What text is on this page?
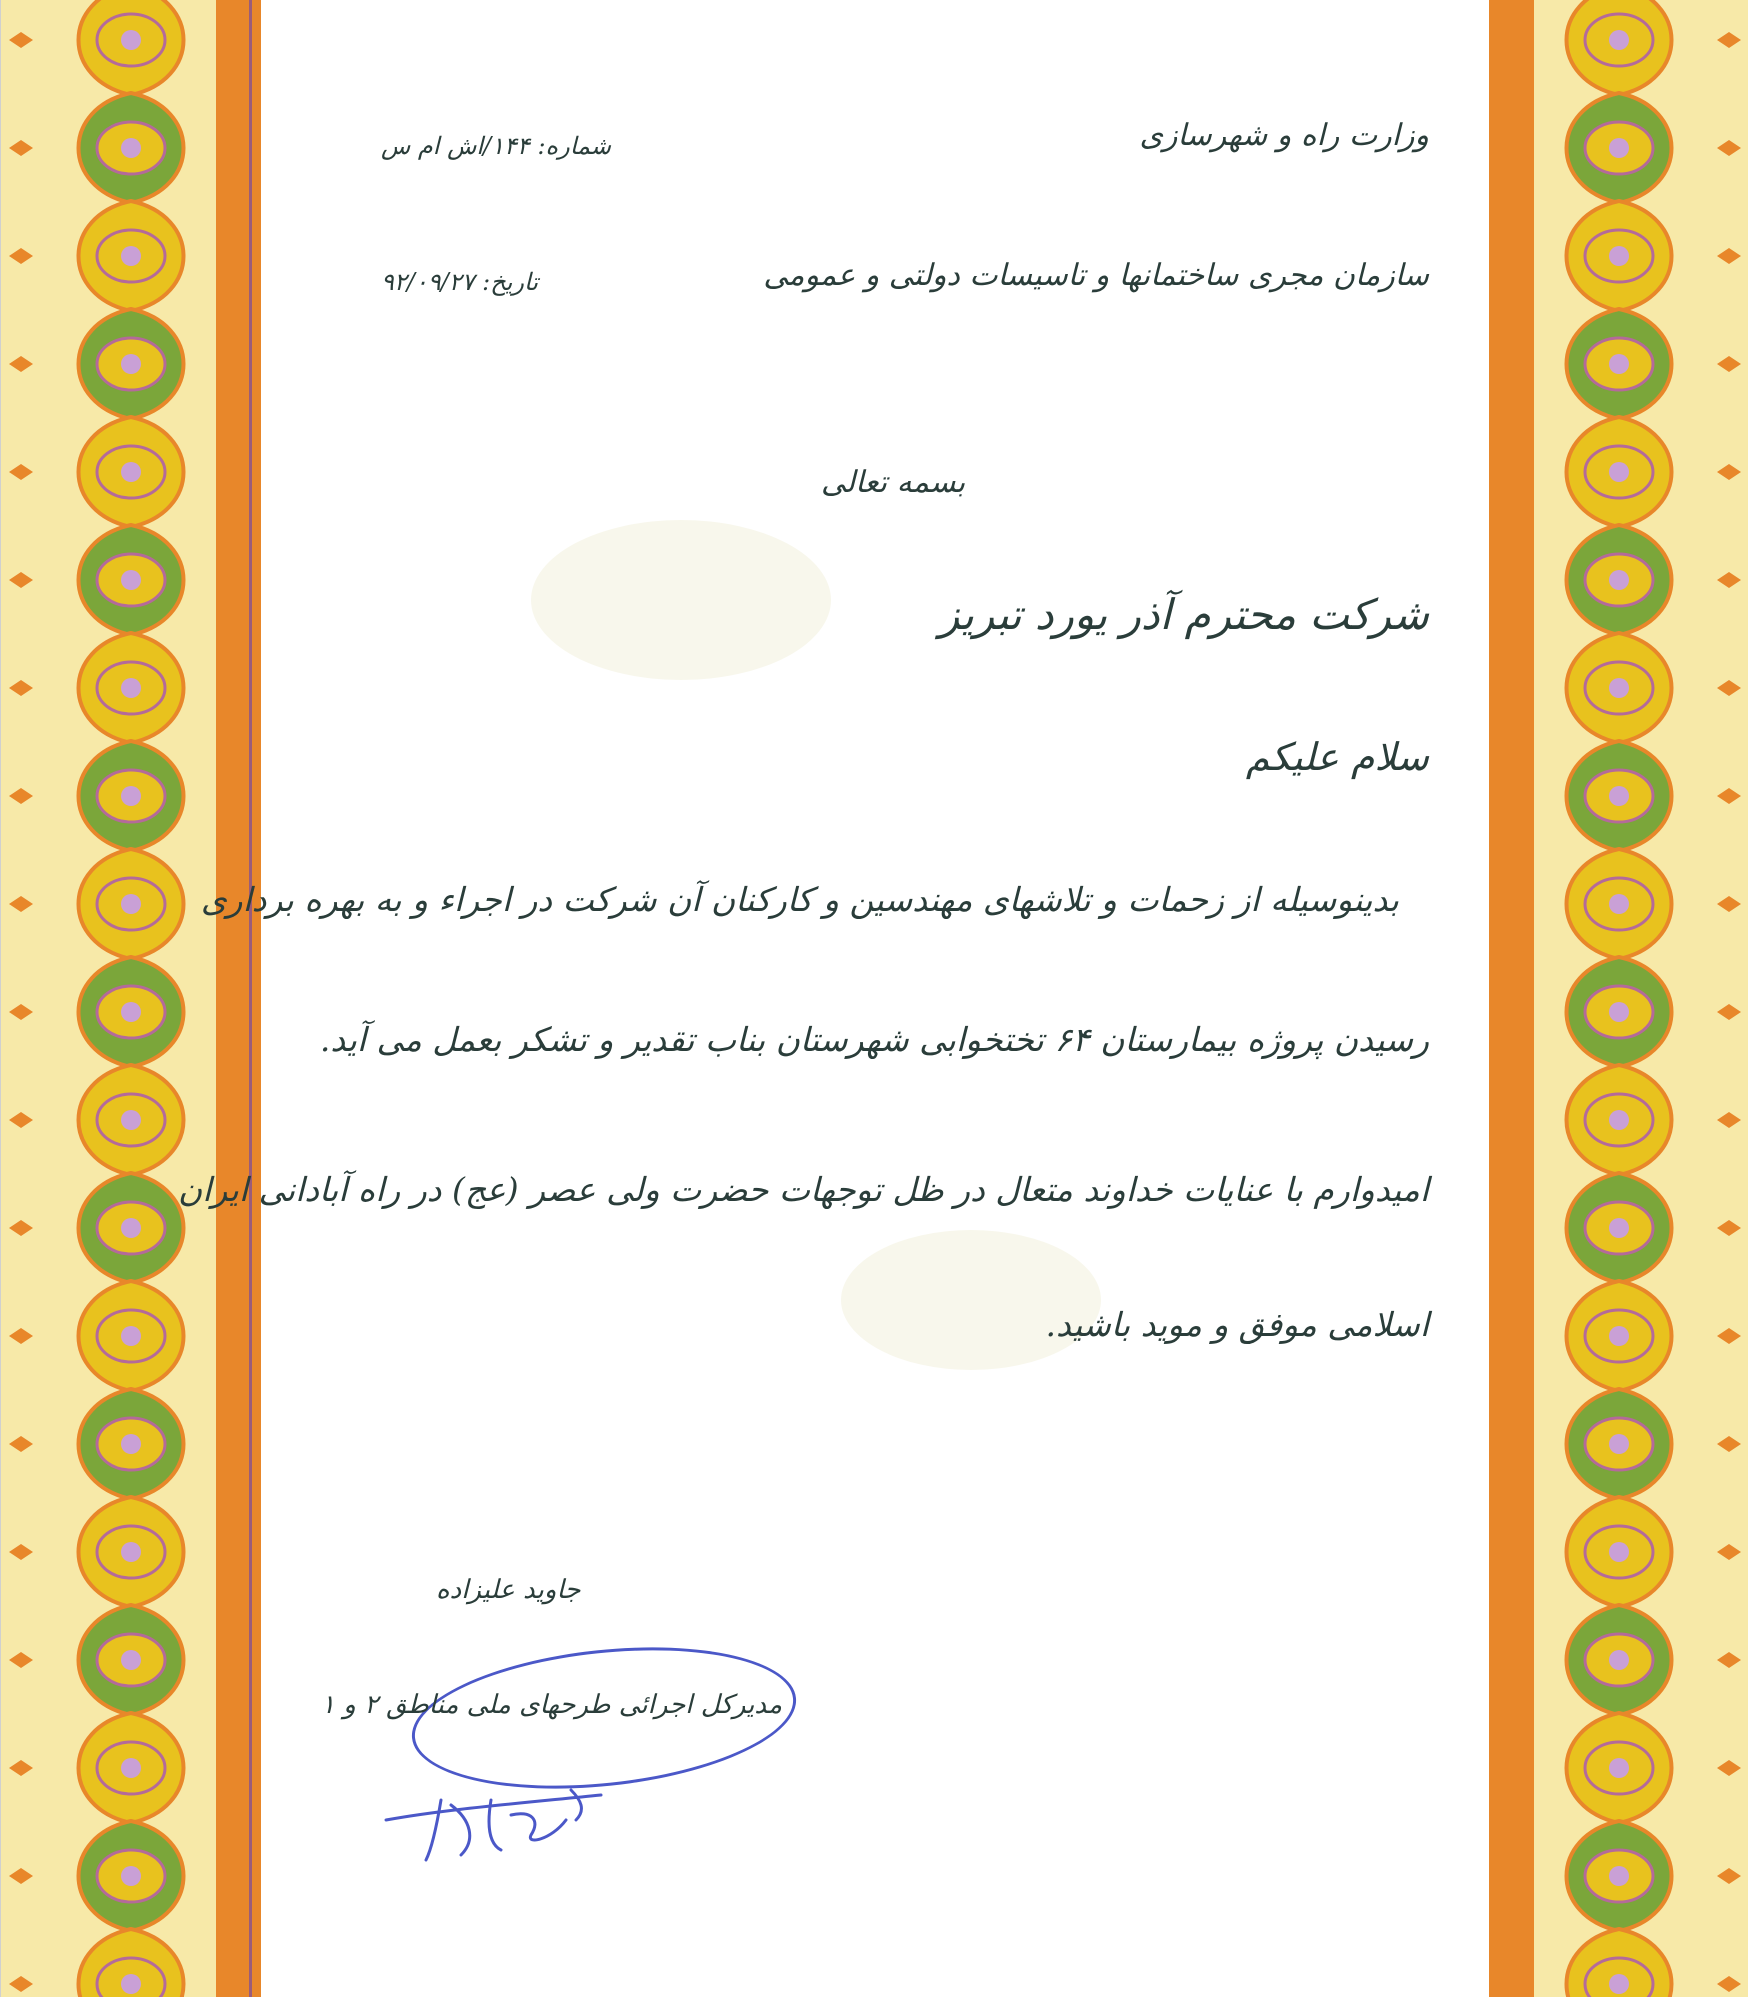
وزارت راه و شهرسازی
سازمان مجری ساختمانها و تاسیسات دولتی و عمومی
شماره: ۱۴۴/اش ام س
تاریخ: ۹۲/۰۹/۲۷
بسمه تعالی
شرکت محترم آذر یورد تبریز
سلام علیکم
بدینوسیله از زحمات و تلاشهای مهندسین و کارکنان آن شرکت در اجراء و به بهره برداری
رسیدن پروژه بیمارستان ۶۴ تختخوابی شهرستان بناب تقدیر و تشکر بعمل می آید.
امیدوارم با عنایات خداوند متعال در ظل توجهات حضرت ولی عصر (عج) در راه آبادانی ایران
اسلامی موفق و موید باشید.
جاوید علیزاده
مدیرکل اجرائی طرحهای ملی مناطق ۲ و ۱
